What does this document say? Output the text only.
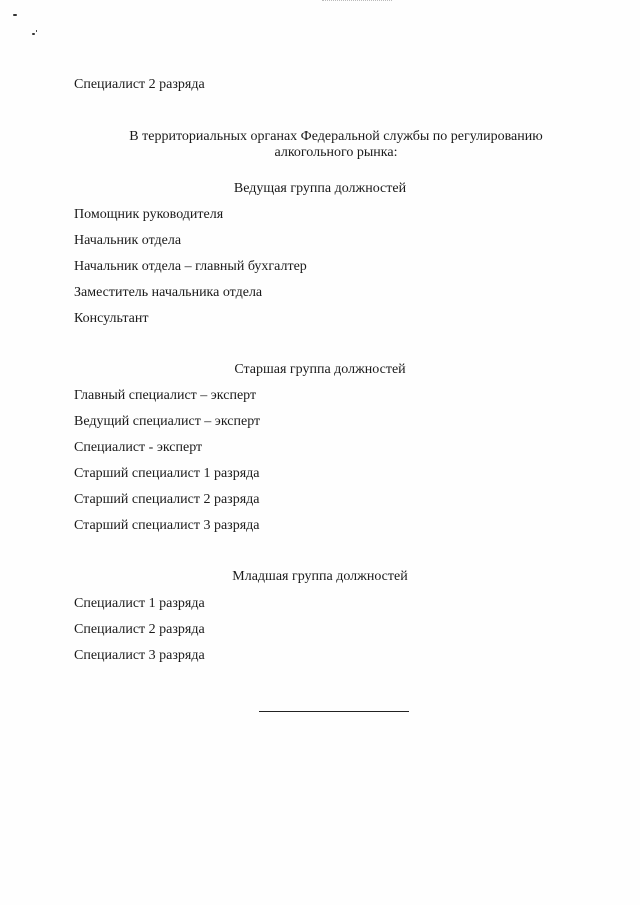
Специалист 2 разряда
В территориальных органах Федеральной службы по регулированию алкогольного рынка:
Ведущая группа должностей
Помощник руководителя
Начальник отдела
Начальник отдела – главный бухгалтер
Заместитель начальника отдела
Консультант
Старшая группа должностей
Главный специалист – эксперт
Ведущий специалист – эксперт
Специалист - эксперт
Старший специалист 1 разряда
Старший специалист 2 разряда
Старший специалист 3 разряда
Младшая группа должностей
Специалист 1 разряда
Специалист 2 разряда
Специалист 3 разряда
